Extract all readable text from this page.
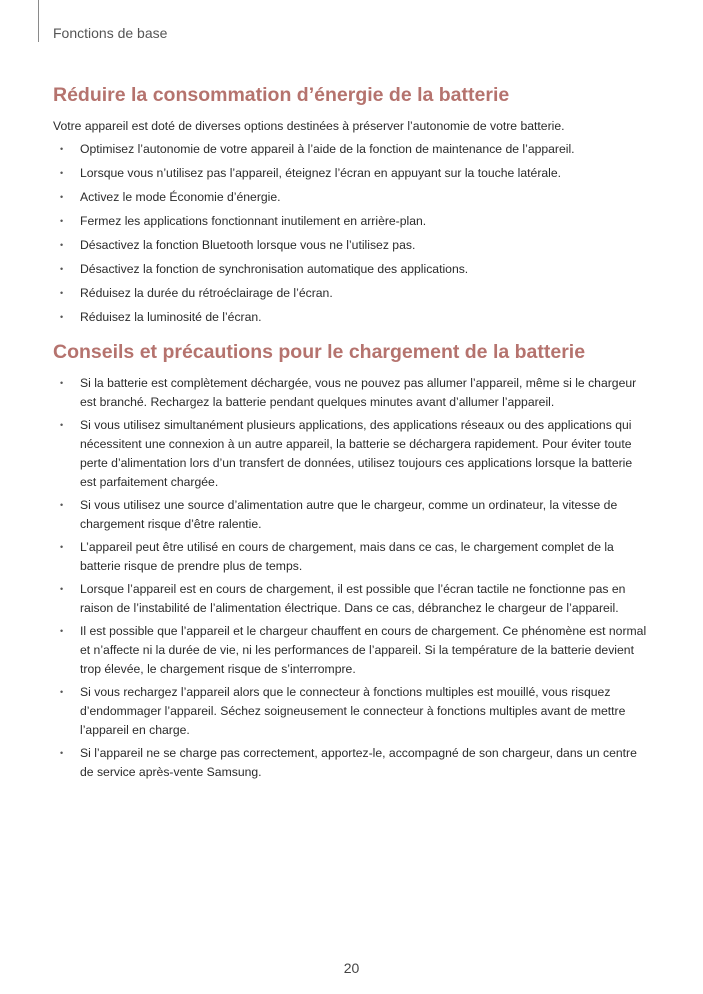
Fonctions de base
Réduire la consommation d’énergie de la batterie

Votre appareil est doté de diverses options destinées à préserver l’autonomie de votre batterie.

• Optimisez l’autonomie de votre appareil à l’aide de la fonction de maintenance de l’appareil.
• Lorsque vous n’utilisez pas l’appareil, éteignez l’écran en appuyant sur la touche latérale.
• Activez le mode Économie d’énergie.
• Fermez les applications fonctionnant inutilement en arrière-plan.
• Désactivez la fonction Bluetooth lorsque vous ne l’utilisez pas.
• Désactivez la fonction de synchronisation automatique des applications.
• Réduisez la durée du rétroéclairage de l’écran.
• Réduisez la luminosité de l’écran.
Conseils et précautions pour le chargement de la batterie
• Si la batterie est complètement déchargée, vous ne pouvez pas allumer l’appareil, même si le chargeur est branché. Rechargez la batterie pendant quelques minutes avant d’allumer l’appareil.
• Si vous utilisez simultanément plusieurs applications, des applications réseaux ou des applications qui nécessitent une connexion à un autre appareil, la batterie se déchargera rapidement. Pour éviter toute perte d’alimentation lors d’un transfert de données, utilisez toujours ces applications lorsque la batterie est parfaitement chargée.
• Si vous utilisez une source d’alimentation autre que le chargeur, comme un ordinateur, la vitesse de chargement risque d’être ralentie.
• L’appareil peut être utilisé en cours de chargement, mais dans ce cas, le chargement complet de la batterie risque de prendre plus de temps.
• Lorsque l’appareil est en cours de chargement, il est possible que l’écran tactile ne fonctionne pas en raison de l’instabilité de l’alimentation électrique. Dans ce cas, débranchez le chargeur de l’appareil.
• Il est possible que l’appareil et le chargeur chauffent en cours de chargement. Ce phénomène est normal et n’affecte ni la durée de vie, ni les performances de l’appareil. Si la température de la batterie devient trop élevée, le chargement risque de s’interrompre.
• Si vous rechargez l’appareil alors que le connecteur à fonctions multiples est mouillé, vous risquez d’endommager l’appareil. Séchez soigneusement le connecteur à fonctions multiples avant de mettre l’appareil en charge.
• Si l’appareil ne se charge pas correctement, apportez-le, accompagné de son chargeur, dans un centre de service après-vente Samsung.
20
